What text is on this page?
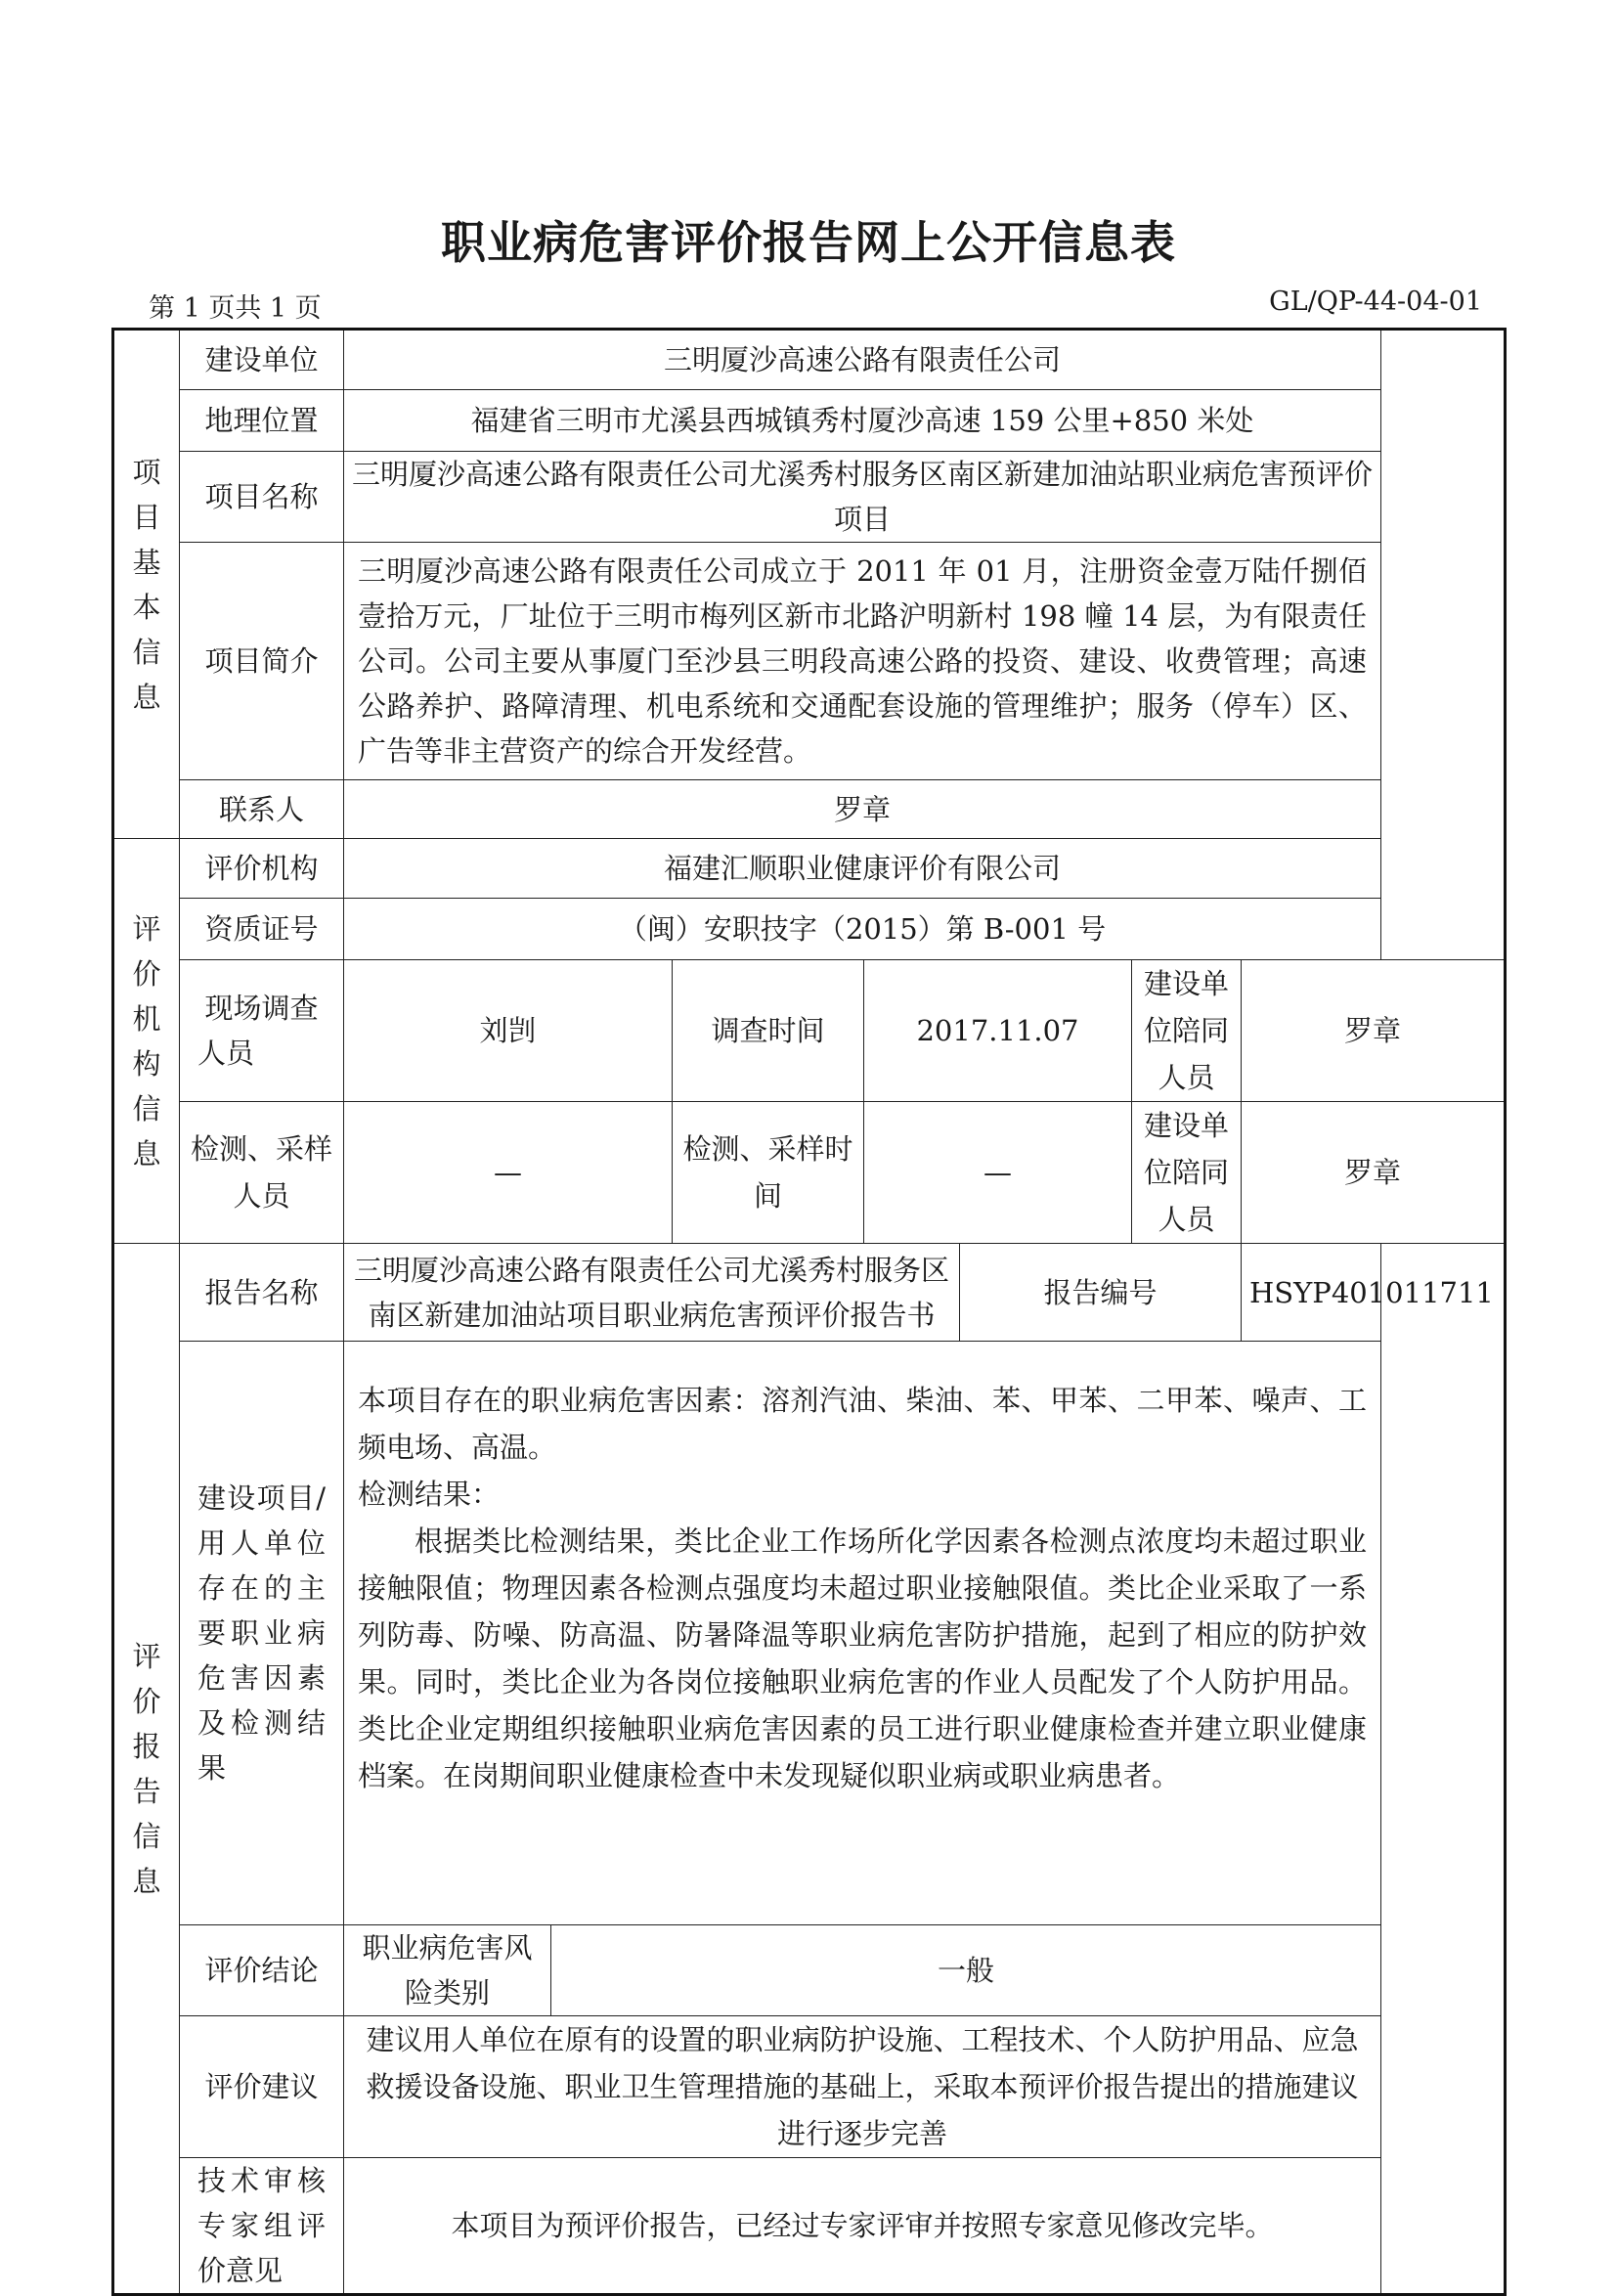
职业病危害评价报告网上公开信息表
第 1 页共 1 页	GL/QP-44-04-01
项目基本信息	建设单位	三明厦沙高速公路有限责任公司						
	地理位置	福建省三明市尤溪县西城镇秀村厦沙高速 159 公里+850 米处						
	项目名称	三明厦沙高速公路有限责任公司尤溪秀村服务区南区新建加油站职业病危害预评价项目						
	项目简介	三明厦沙高速公路有限责任公司成立于 2011 年 01 月，注册资金壹万陆仟捌佰壹拾万元，厂址位于三明市梅列区新市北路沪明新村 198 幢 14 层，为有限责任公司。公司主要从事厦门至沙县三明段高速公路的投资、建设、收费管理；高速公路养护、路障清理、机电系统和交通配套设施的管理维护；服务（停车）区、广告等非主营资产的综合开发经营。						
	联系人	罗章						

评价机构信息	评价机构	福建汇顺职业健康评价有限公司						
	资质证号	（闽）安职技字（2015）第 B-001 号						
	现场调查人员	刘剀		调查时间	2017.11.07		建设单位陪同人员	罗章
	检测、采样人员	—		检测、采样时间	—		建设单位陪同人员	罗章

评价报告信息	报告名称	三明厦沙高速公路有限责任公司尤溪秀村服务区南区新建加油站项目职业病危害预评价报告书				报告编号		HSYP401011711
	建设项目/用人单位存在的主要职业病危害因素及检测结果	本项目存在的职业病危害因素：溶剂汽油、柴油、苯、甲苯、二甲苯、噪声、工频电场、高温。

检测结果：

根据类比检测结果，类比企业工作场所化学因素各检测点浓度均未超过职业接触限值；物理因素各检测点强度均未超过职业接触限值。类比企业采取了一系列防毒、防噪、防高温、防暑降温等职业病危害防护措施，起到了相应的防护效果。同时，类比企业为各岗位接触职业病危害的作业人员配发了个人防护用品。类比企业定期组织接触职业病危害因素的员工进行职业健康检查并建立职业健康档案。在岗期间职业健康检查中未发现疑似职业病或职业病患者。						

	评价结论	职业病危害风险类别	一般					
	评价建议	建议用人单位在原有的设置的职业病防护设施、工程技术、个人防护用品、应急救援设备设施、职业卫生管理措施的基础上，采取本预评价报告提出的措施建议进行逐步完善						
	技术审核专家组评价意见	本项目为预评价报告，已经过专家评审并按照专家意见修改完毕。						
